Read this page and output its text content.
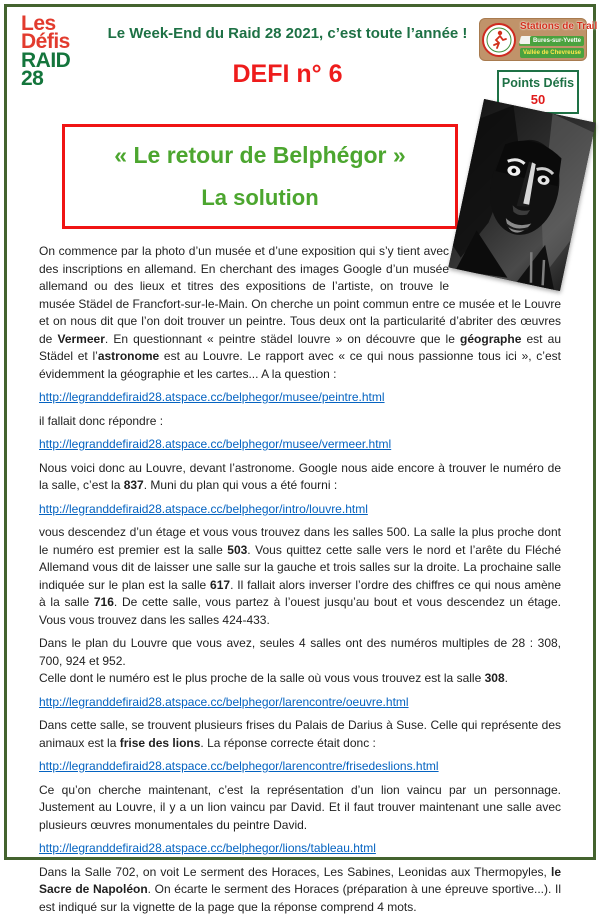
Les
Défis
RAID
28
Le Week-End du Raid 28 2021, c’est toute l’année !
DEFI n° 6
Stations de Trail
Bures-sur-Yvette
Vallée de Chevreuse
Points Défis
50
« Le retour de Belphégor »
La solution

On commence par la photo d’un musée et d’une exposition qui s’y tient avec des inscriptions en allemand. En cherchant des images Google d’un musée allemand ou des lieux et titres des expositions de l’artiste, on trouve le musée Städel de Francfort-sur-le-Main. On cherche un point commun entre ce musée et le Louvre et on nous dit que l’on doit trouver un peintre. Tous deux ont la particularité d’abriter des œuvres de Vermeer. En questionnant « peintre städel louvre » on découvre que le géographe est au Städel et l’astronome est au Louvre. Le rapport avec « ce qui nous passionne tous ici », c’est évidemment la géographie et les cartes... A la question :

http://legranddefiraid28.atspace.cc/belphegor/musee/peintre.html

il fallait donc répondre :

http://legranddefiraid28.atspace.cc/belphegor/musee/vermeer.html

Nous voici donc au Louvre, devant l’astronome. Google nous aide encore à trouver le numéro de la salle, c’est la 837. Muni du plan qui vous a été fourni :

http://legranddefiraid28.atspace.cc/belphegor/intro/louvre.html

vous descendez d’un étage et vous vous trouvez dans les salles 500. La salle la plus proche dont le numéro est premier est la salle 503. Vous quittez cette salle vers le nord et l’arête du Fléché Allemand vous dit de laisser une salle sur la gauche et trois salles sur la droite. La prochaine salle indiquée sur le plan est la salle 617. Il fallait alors inverser l’ordre des chiffres ce qui nous amène à la salle 716. De cette salle, vous partez à l’ouest jusqu’au bout et vous descendez un étage. Vous vous trouvez dans les salles 424-433.

Dans le plan du Louvre que vous avez, seules 4 salles ont des numéros multiples de 28 : 308, 700, 924 et 952.
Celle dont le numéro est le plus proche de la salle où vous vous trouvez est la salle 308.

http://legranddefiraid28.atspace.cc/belphegor/larencontre/oeuvre.html

Dans cette salle, se trouvent plusieurs frises du Palais de Darius à Suse. Celle qui représente des animaux est la frise des lions. La réponse correcte était donc :

http://legranddefiraid28.atspace.cc/belphegor/larencontre/frisedeslions.html

Ce qu’on cherche maintenant, c’est la représentation d’un lion vaincu par un personnage. Justement au Louvre, il y a un lion vaincu par David. Et il faut trouver maintenant une salle avec plusieurs œuvres monumentales du peintre David.

http://legranddefiraid28.atspace.cc/belphegor/lions/tableau.html

Dans la Salle 702, on voit Le serment des Horaces, Les Sabines, Leonidas aux Thermopyles, le Sacre de Napoléon. On écarte le serment des Horaces (préparation à une épreuve sportive...). Il est indiqué sur la vignette de la page que la réponse comprend 4 mots.
